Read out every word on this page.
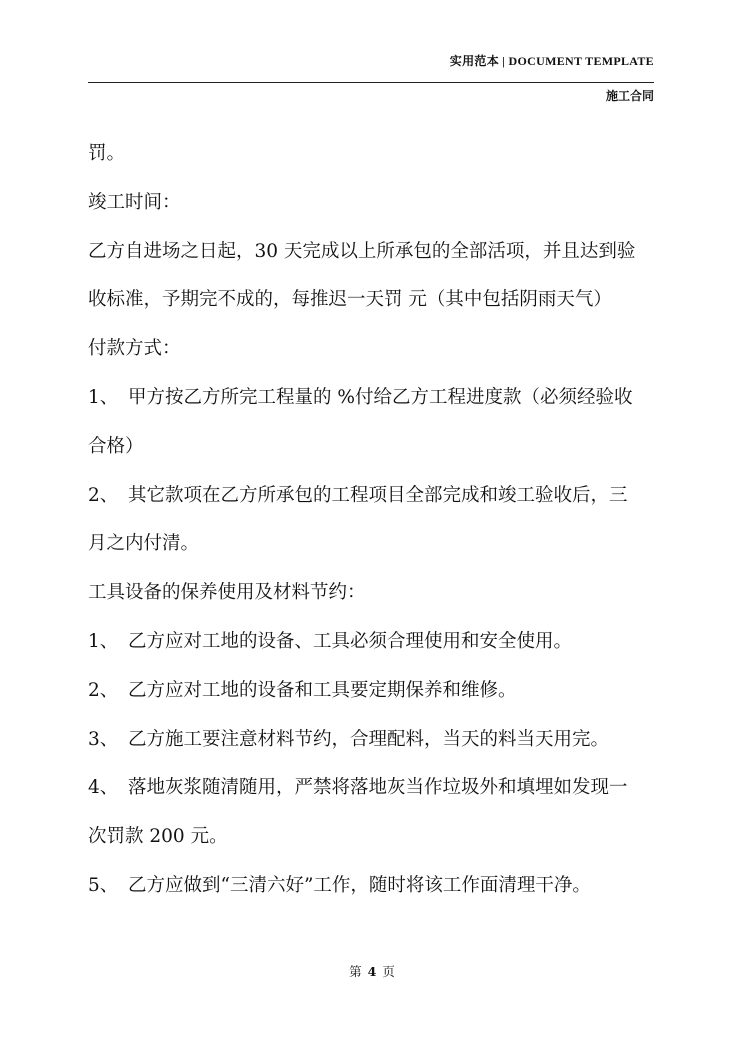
实用范本 | DOCUMENT TEMPLATE
施工合同
罚。
竣工时间：
乙方自进场之日起，30 天完成以上所承包的全部活项，并且达到验
收标准，予期完不成的，每推迟一天罚 元（其中包括阴雨天气）
付款方式：
1、 甲方按乙方所完工程量的 %付给乙方工程进度款（必须经验收
合格）
2、 其它款项在乙方所承包的工程项目全部完成和竣工验收后，三
月之内付清。
工具设备的保养使用及材料节约：
1、 乙方应对工地的设备、工具必须合理使用和安全使用。
2、 乙方应对工地的设备和工具要定期保养和维修。
3、 乙方施工要注意材料节约，合理配料，当天的料当天用完。
4、 落地灰浆随清随用，严禁将落地灰当作垃圾外和填埋如发现一
次罚款 200 元。
5、 乙方应做到“三清六好”工作，随时将该工作面清理干净。
第 4 页
